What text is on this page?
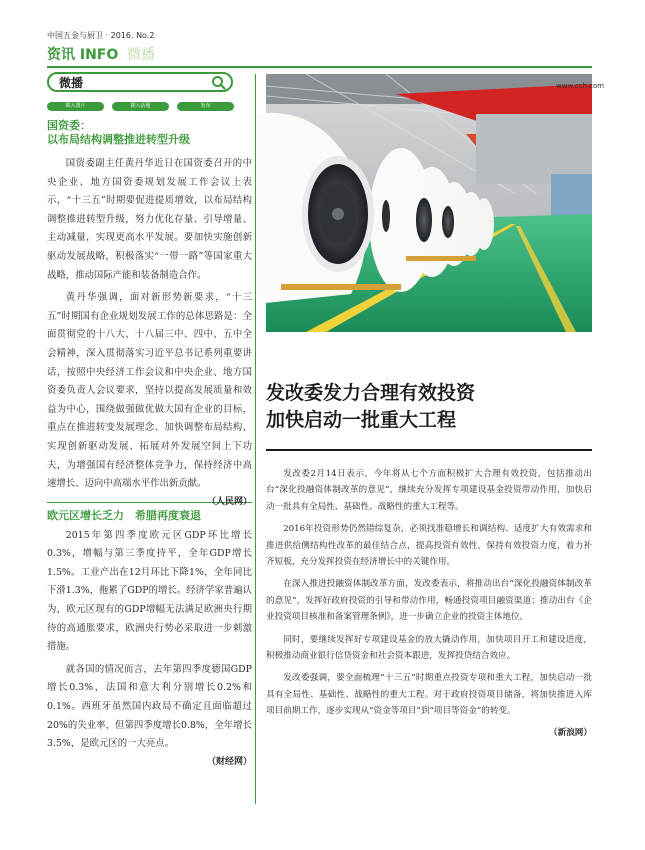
中国五金与厨卫 · 2016. No.2
资讯 INFO 微播
微播
插入图片	插入话题	发布
国资委：
以布局结构调整推进转型升级

国资委副主任黄丹华近日在国资委召开的中央企业、地方国资委规划发展工作会议上表示，“十三五”时期要促进提质增效，以布局结构调整推进转型升级，努力优化存量、引导增量、主动减量，实现更高水平发展。要加快实施创新驱动发展战略，积极落实“一带一路”等国家重大战略，推动国际产能和装备制造合作。

黄丹华强调，面对新形势新要求，“十三五”时期国有企业规划发展工作的总体思路是：全面贯彻党的十八大、十八届三中、四中、五中全会精神，深入贯彻落实习近平总书记系列重要讲话，按照中央经济工作会议和中央企业、地方国资委负责人会议要求，坚持以提高发展质量和效益为中心，围绕做强做优做大国有企业的目标，重点在推进转变发展理念、加快调整布局结构、实现创新驱动发展、拓展对外发展空间上下功夫，为增强国有经济整体竞争力，保持经济中高速增长、迈向中高端水平作出新贡献。

（人民网）
欧元区增长乏力　希腊再度衰退

2015年第四季度欧元区GDP环比增长0.3%，增幅与第三季度持平，全年GDP增长1.5%。工业产出在12月环比下降1%，全年同比下滑1.3%，拖累了GDP的增长。经济学家普遍认为，欧元区现有的GDP增幅无法满足欧洲央行期待的高通胀要求，欧洲央行势必采取进一步刺激措施。

就各国的情况而言，去年第四季度德国GDP增长0.3%，法国和意大利分别增长0.2%和0.1%。西班牙虽然国内政局不确定且面临超过20%的失业率，但第四季度增长0.8%，全年增长3.5%，是欧元区的一大亮点。

（财经网）
www.cch.com
发改委发力合理有效投资
加快启动一批重大工程

发改委2月14日表示，今年将从七个方面积极扩大合理有效投资，包括推动出台“深化投融资体制改革的意见”，继续充分发挥专项建设基金投资带动作用，加快启动一批具有全局性、基础性、战略性的重大工程等。

2016年投资形势仍然错综复杂，必须找准稳增长和调结构、适度扩大有效需求和推进供给侧结构性改革的最佳结合点，提高投资有效性，保持有效投资力度，着力补齐短板，充分发挥投资在经济增长中的关键作用。

在深入推进投融资体制改革方面，发改委表示，将推动出台“深化投融资体制改革的意见”，发挥好政府投资的引导和带动作用，畅通投资项目融资渠道；推动出台《企业投资项目核准和备案管理条例》，进一步确立企业的投资主体地位。

同时，要继续发挥好专项建设基金的放大撬动作用，加快项目开工和建设进度，积极推动商业银行信贷资金和社会资本跟进，发挥投贷结合效应。

发改委强调，要全面梳理“十三五”时期重点投资专项和重大工程，加快启动一批具有全局性、基础性、战略性的重大工程。对于政府投资项目储备，将加快推进入库项目前期工作，逐步实现从“资金等项目”到“项目等资金”的转变。

（新浪网）
